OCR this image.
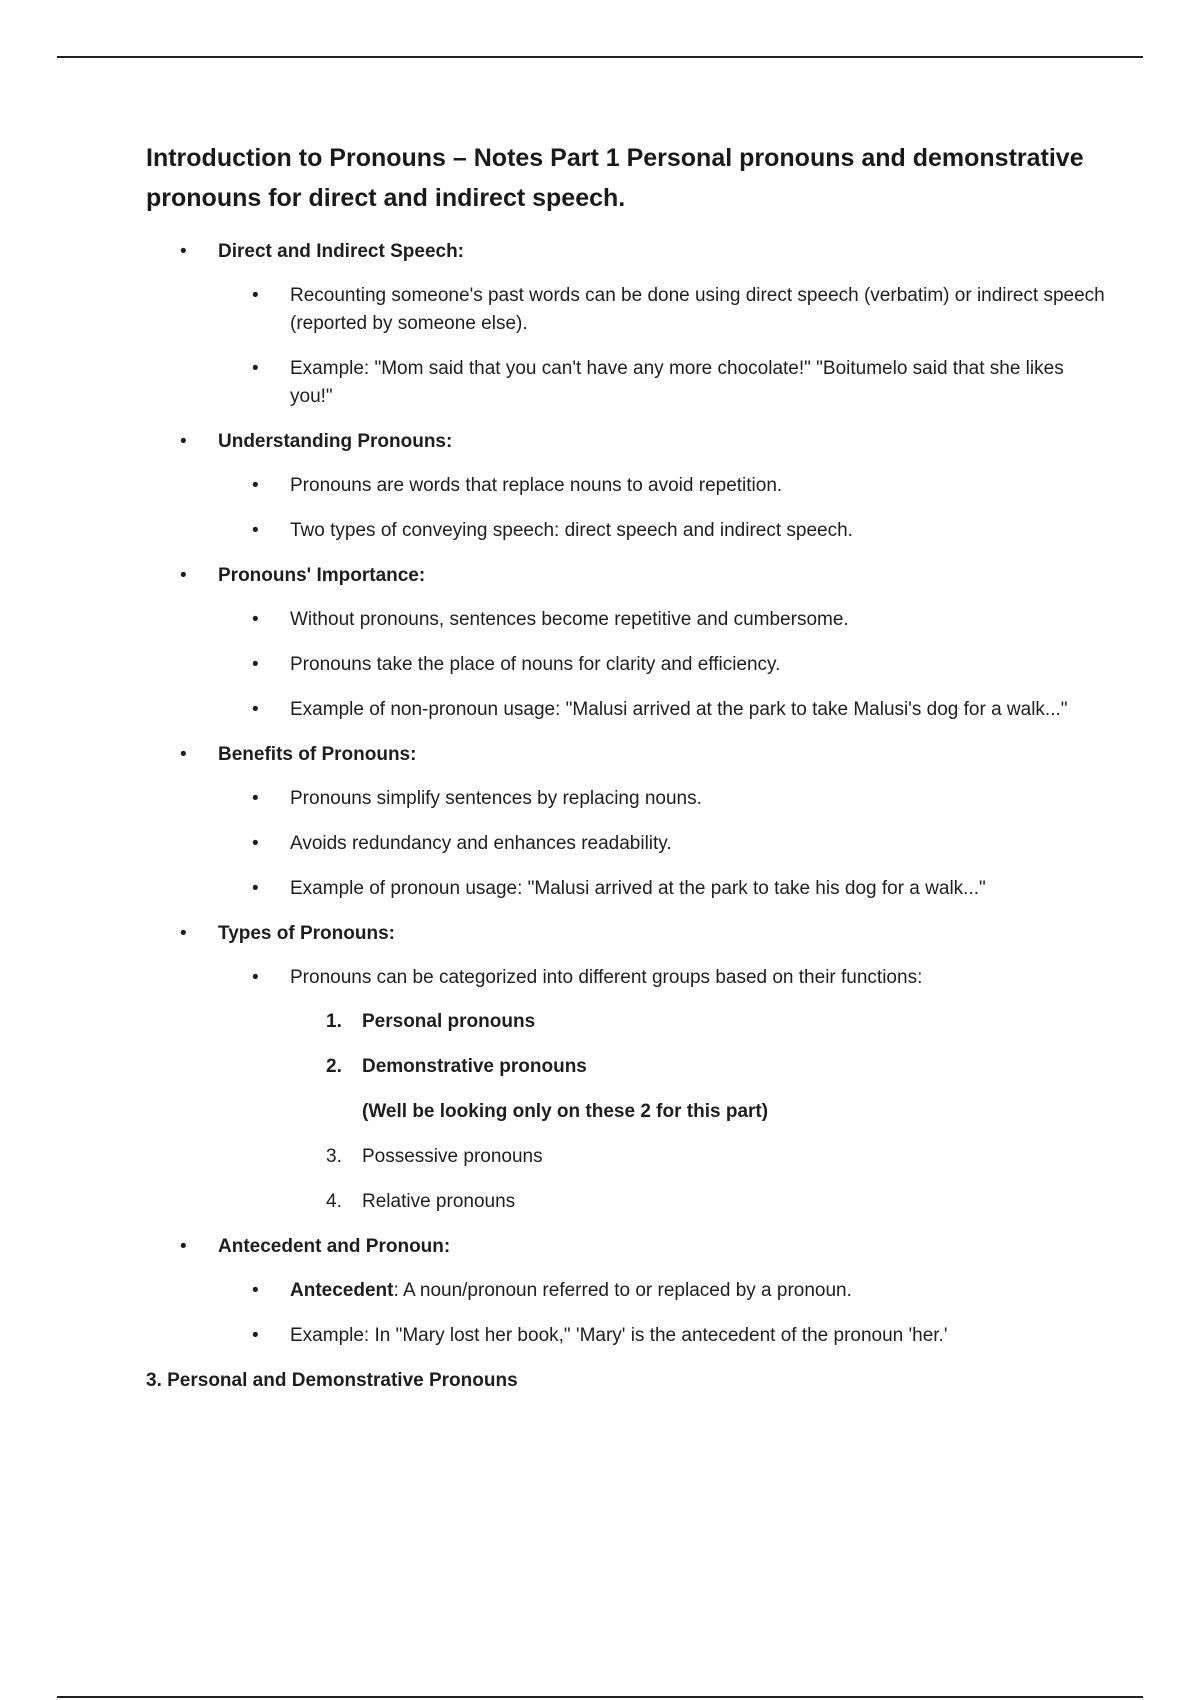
Introduction to Pronouns – Notes Part 1 Personal pronouns and demonstrative pronouns for direct and indirect speech.
• Direct and Indirect Speech:
• Recounting someone's past words can be done using direct speech (verbatim) or indirect speech (reported by someone else).
• Example: "Mom said that you can't have any more chocolate!" "Boitumelo said that she likes you!"
• Understanding Pronouns:
• Pronouns are words that replace nouns to avoid repetition.
• Two types of conveying speech: direct speech and indirect speech.
• Pronouns' Importance:
• Without pronouns, sentences become repetitive and cumbersome.
• Pronouns take the place of nouns for clarity and efficiency.
• Example of non-pronoun usage: "Malusi arrived at the park to take Malusi's dog for a walk..."
• Benefits of Pronouns:
• Pronouns simplify sentences by replacing nouns.
• Avoids redundancy and enhances readability.
• Example of pronoun usage: "Malusi arrived at the park to take his dog for a walk..."
• Types of Pronouns:
• Pronouns can be categorized into different groups based on their functions:
1. Personal pronouns
2. Demonstrative pronouns
(Well be looking only on these 2 for this part)
3. Possessive pronouns
4. Relative pronouns
• Antecedent and Pronoun:
• Antecedent: A noun/pronoun referred to or replaced by a pronoun.
• Example: In "Mary lost her book," 'Mary' is the antecedent of the pronoun 'her.'
3. Personal and Demonstrative Pronouns
